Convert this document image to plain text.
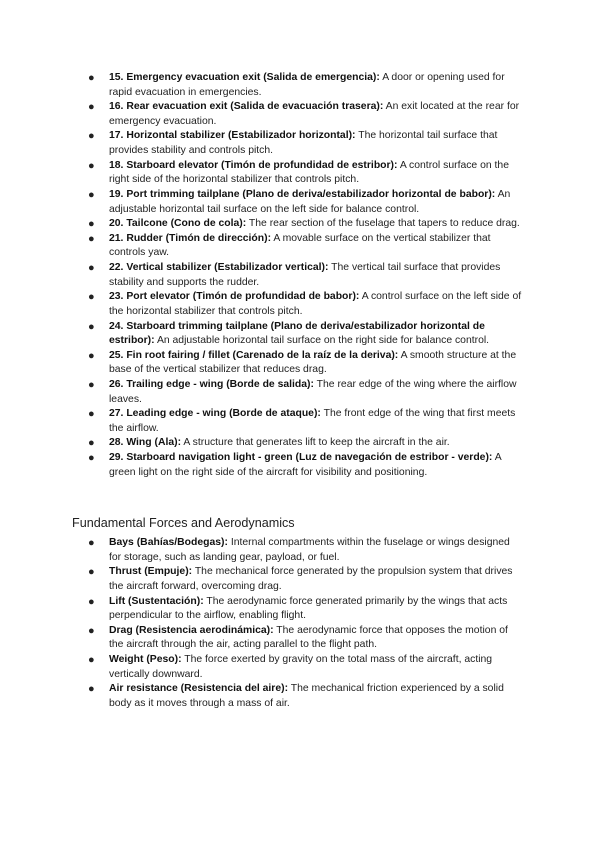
● 15. Emergency evacuation exit (Salida de emergencia): A door or opening used for rapid evacuation in emergencies.
● 16. Rear evacuation exit (Salida de evacuación trasera): An exit located at the rear for emergency evacuation.
● 17. Horizontal stabilizer (Estabilizador horizontal): The horizontal tail surface that provides stability and controls pitch.
● 18. Starboard elevator (Timón de profundidad de estribor): A control surface on the right side of the horizontal stabilizer that controls pitch.
● 19. Port trimming tailplane (Plano de deriva/estabilizador horizontal de babor): An adjustable horizontal tail surface on the left side for balance control.
● 20. Tailcone (Cono de cola): The rear section of the fuselage that tapers to reduce drag.
● 21. Rudder (Timón de dirección): A movable surface on the vertical stabilizer that controls yaw.
● 22. Vertical stabilizer (Estabilizador vertical): The vertical tail surface that provides stability and supports the rudder.
● 23. Port elevator (Timón de profundidad de babor): A control surface on the left side of the horizontal stabilizer that controls pitch.
● 24. Starboard trimming tailplane (Plano de deriva/estabilizador horizontal de estribor): An adjustable horizontal tail surface on the right side for balance control.
● 25. Fin root fairing / fillet (Carenado de la raíz de la deriva): A smooth structure at the base of the vertical stabilizer that reduces drag.
● 26. Trailing edge - wing (Borde de salida): The rear edge of the wing where the airflow leaves.
● 27. Leading edge - wing (Borde de ataque): The front edge of the wing that first meets the airflow.
● 28. Wing (Ala): A structure that generates lift to keep the aircraft in the air.
● 29. Starboard navigation light - green (Luz de navegación de estribor - verde): A green light on the right side of the aircraft for visibility and positioning.
Fundamental Forces and Aerodynamics
● Bays (Bahías/Bodegas): Internal compartments within the fuselage or wings designed for storage, such as landing gear, payload, or fuel.
● Thrust (Empuje): The mechanical force generated by the propulsion system that drives the aircraft forward, overcoming drag.
● Lift (Sustentación): The aerodynamic force generated primarily by the wings that acts perpendicular to the airflow, enabling flight.
● Drag (Resistencia aerodinámica): The aerodynamic force that opposes the motion of the aircraft through the air, acting parallel to the flight path.
● Weight (Peso): The force exerted by gravity on the total mass of the aircraft, acting vertically downward.
● Air resistance (Resistencia del aire): The mechanical friction experienced by a solid body as it moves through a mass of air.
